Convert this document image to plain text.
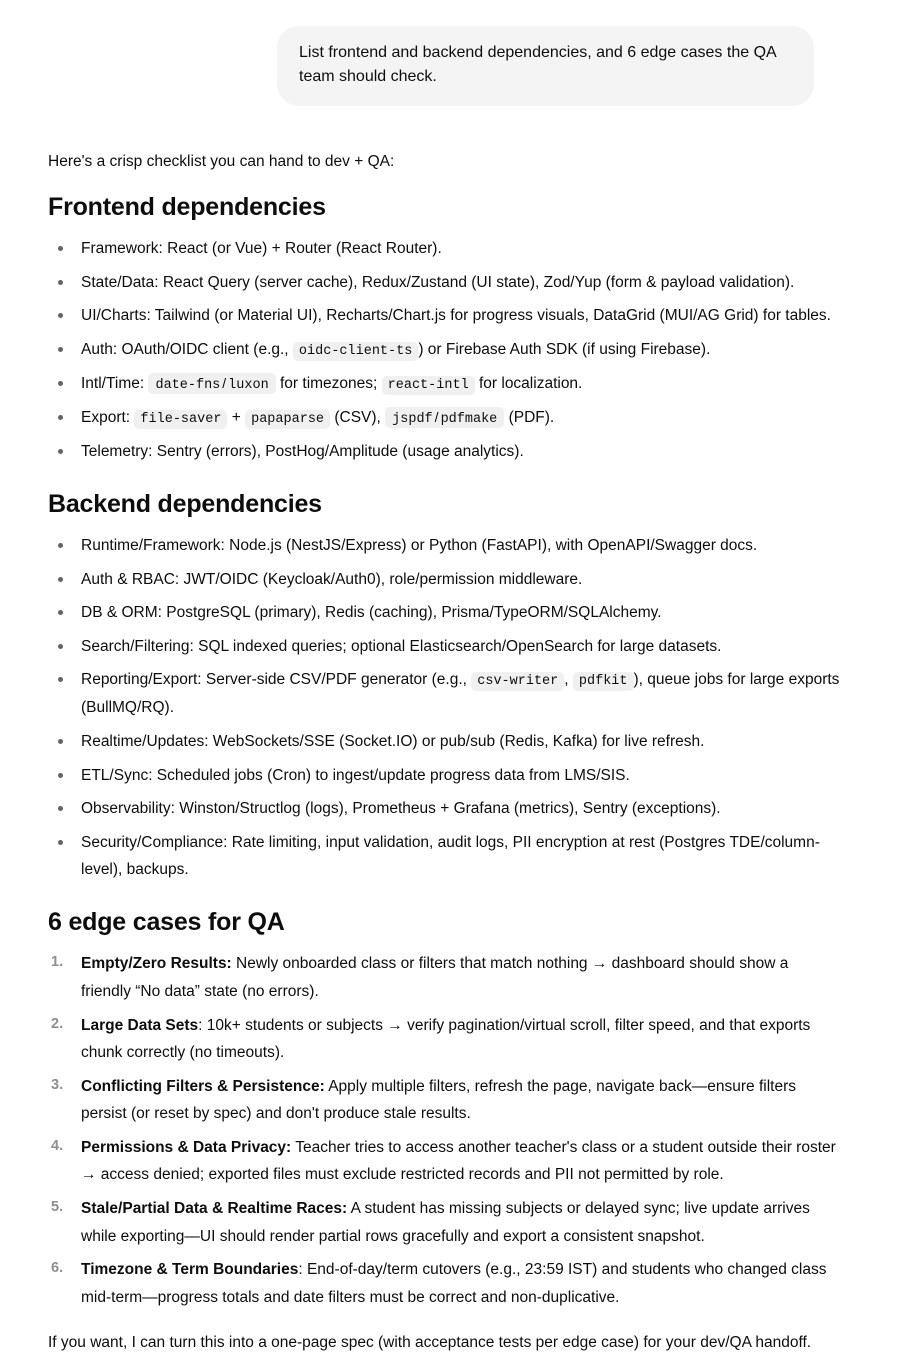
List frontend and backend dependencies, and 6 edge cases the QA team should check.

Here's a crisp checklist you can hand to dev + QA:

Frontend dependencies
Framework: React (or Vue) + Router (React Router).
State/Data: React Query (server cache), Redux/Zustand (UI state), Zod/Yup (form & payload validation).
UI/Charts: Tailwind (or Material UI), Recharts/Chart.js for progress visuals, DataGrid (MUI/AG Grid) for tables.
Auth: OAuth/OIDC client (e.g., oidc-client-ts ) or Firebase Auth SDK (if using Firebase).
Intl/Time: date-fns / luxon for timezones; react-intl for localization.
Export: file-saver + papaparse (CSV), jspdf / pdfmake (PDF).
Telemetry: Sentry (errors), PostHog/Amplitude (usage analytics).
Backend dependencies
Runtime/Framework: Node.js (NestJS/Express) or Python (FastAPI), with OpenAPI/Swagger docs.
Auth & RBAC: JWT/OIDC (Keycloak/Auth0), role/permission middleware.
DB & ORM: PostgreSQL (primary), Redis (caching), Prisma/TypeORM/SQLAlchemy.
Search/Filtering: SQL indexed queries; optional Elasticsearch/OpenSearch for large datasets.
Reporting/Export: Server-side CSV/PDF generator (e.g., csv-writer , pdfkit ), queue jobs for large exports (BullMQ/RQ).
Realtime/Updates: WebSockets/SSE (Socket.IO) or pub/sub (Redis, Kafka) for live refresh.
ETL/Sync: Scheduled jobs (Cron) to ingest/update progress data from LMS/SIS.
Observability: Winston/Structlog (logs), Prometheus + Grafana (metrics), Sentry (exceptions).
Security/Compliance: Rate limiting, input validation, audit logs, PII encryption at rest (Postgres TDE/column-level), backups.
6 edge cases for QA
Empty/Zero Results: Newly onboarded class or filters that match nothing → dashboard should show a friendly “No data” state (no errors).
Large Data Sets: 10k+ students or subjects → verify pagination/virtual scroll, filter speed, and that exports chunk correctly (no timeouts).
Conflicting Filters & Persistence: Apply multiple filters, refresh the page, navigate back—ensure filters persist (or reset by spec) and don't produce stale results.
Permissions & Data Privacy: Teacher tries to access another teacher's class or a student outside their roster → access denied; exported files must exclude restricted records and PII not permitted by role.
Stale/Partial Data & Realtime Races: A student has missing subjects or delayed sync; live update arrives while exporting—UI should render partial rows gracefully and export a consistent snapshot.
Timezone & Term Boundaries: End-of-day/term cutovers (e.g., 23:59 IST) and students who changed class mid-term—progress totals and date filters must be correct and non-duplicative.

If you want, I can turn this into a one-page spec (with acceptance tests per edge case) for your dev/QA handoff.
